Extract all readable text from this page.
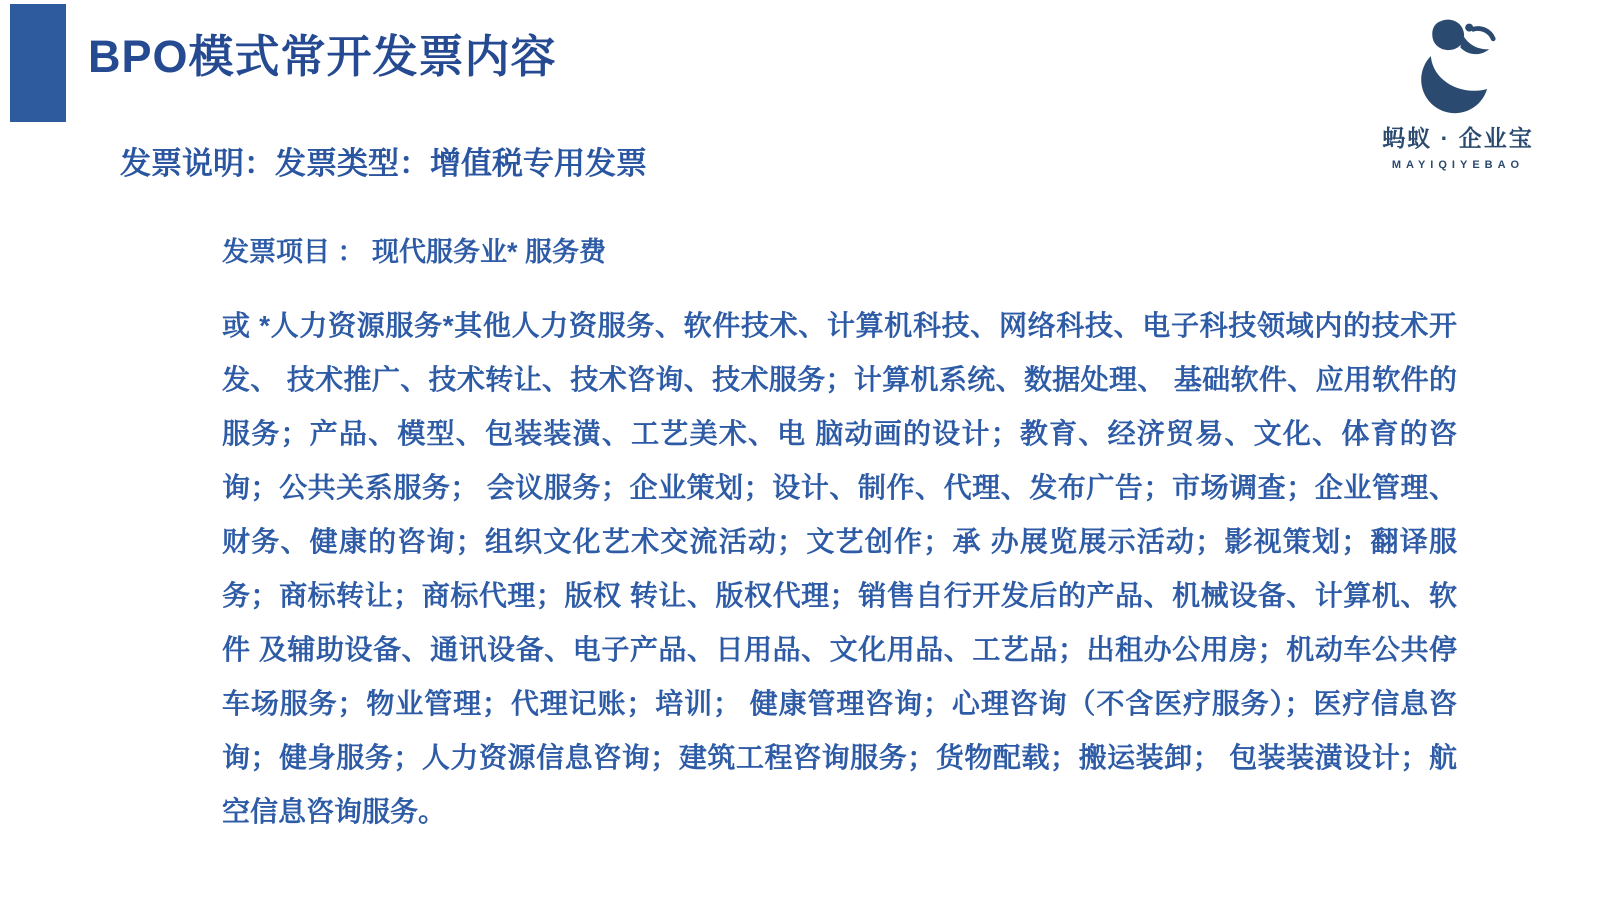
BPO模式常开发票内容
蚂蚁 · 企业宝
MAYIQIYEBAO
发票说明：发票类型：增值税专用发票

发票项目 ： 现代服务业* 服务费

或 *人力资源服务*其他人力资服务、软件技术、计算机科技、网络科技、电子科技领域内的技术开发、 技术推广、技术转让、技术咨询、技术服务；计算机系统、数据处理、 基础软件、应用软件的服务；产品、模型、包装装潢、工艺美术、电 脑动画的设计；教育、经济贸易、文化、体育的咨询；公共关系服务； 会议服务；企业策划；设计、制作、代理、发布广告；市场调查；企业管理、财务、健康的咨询；组织文化艺术交流活动；文艺创作；承 办展览展示活动；影视策划；翻译服务；商标转让；商标代理；版权 转让、版权代理；销售自行开发后的产品、机械设备、计算机、软件 及辅助设备、通讯设备、电子产品、日用品、文化用品、工艺品；出租办公用房；机动车公共停车场服务；物业管理；代理记账；培训； 健康管理咨询；心理咨询（不含医疗服务）；医疗信息咨询；健身服务；人力资源信息咨询；建筑工程咨询服务；货物配载；搬运装卸； 包装装潢设计；航空信息咨询服务。
